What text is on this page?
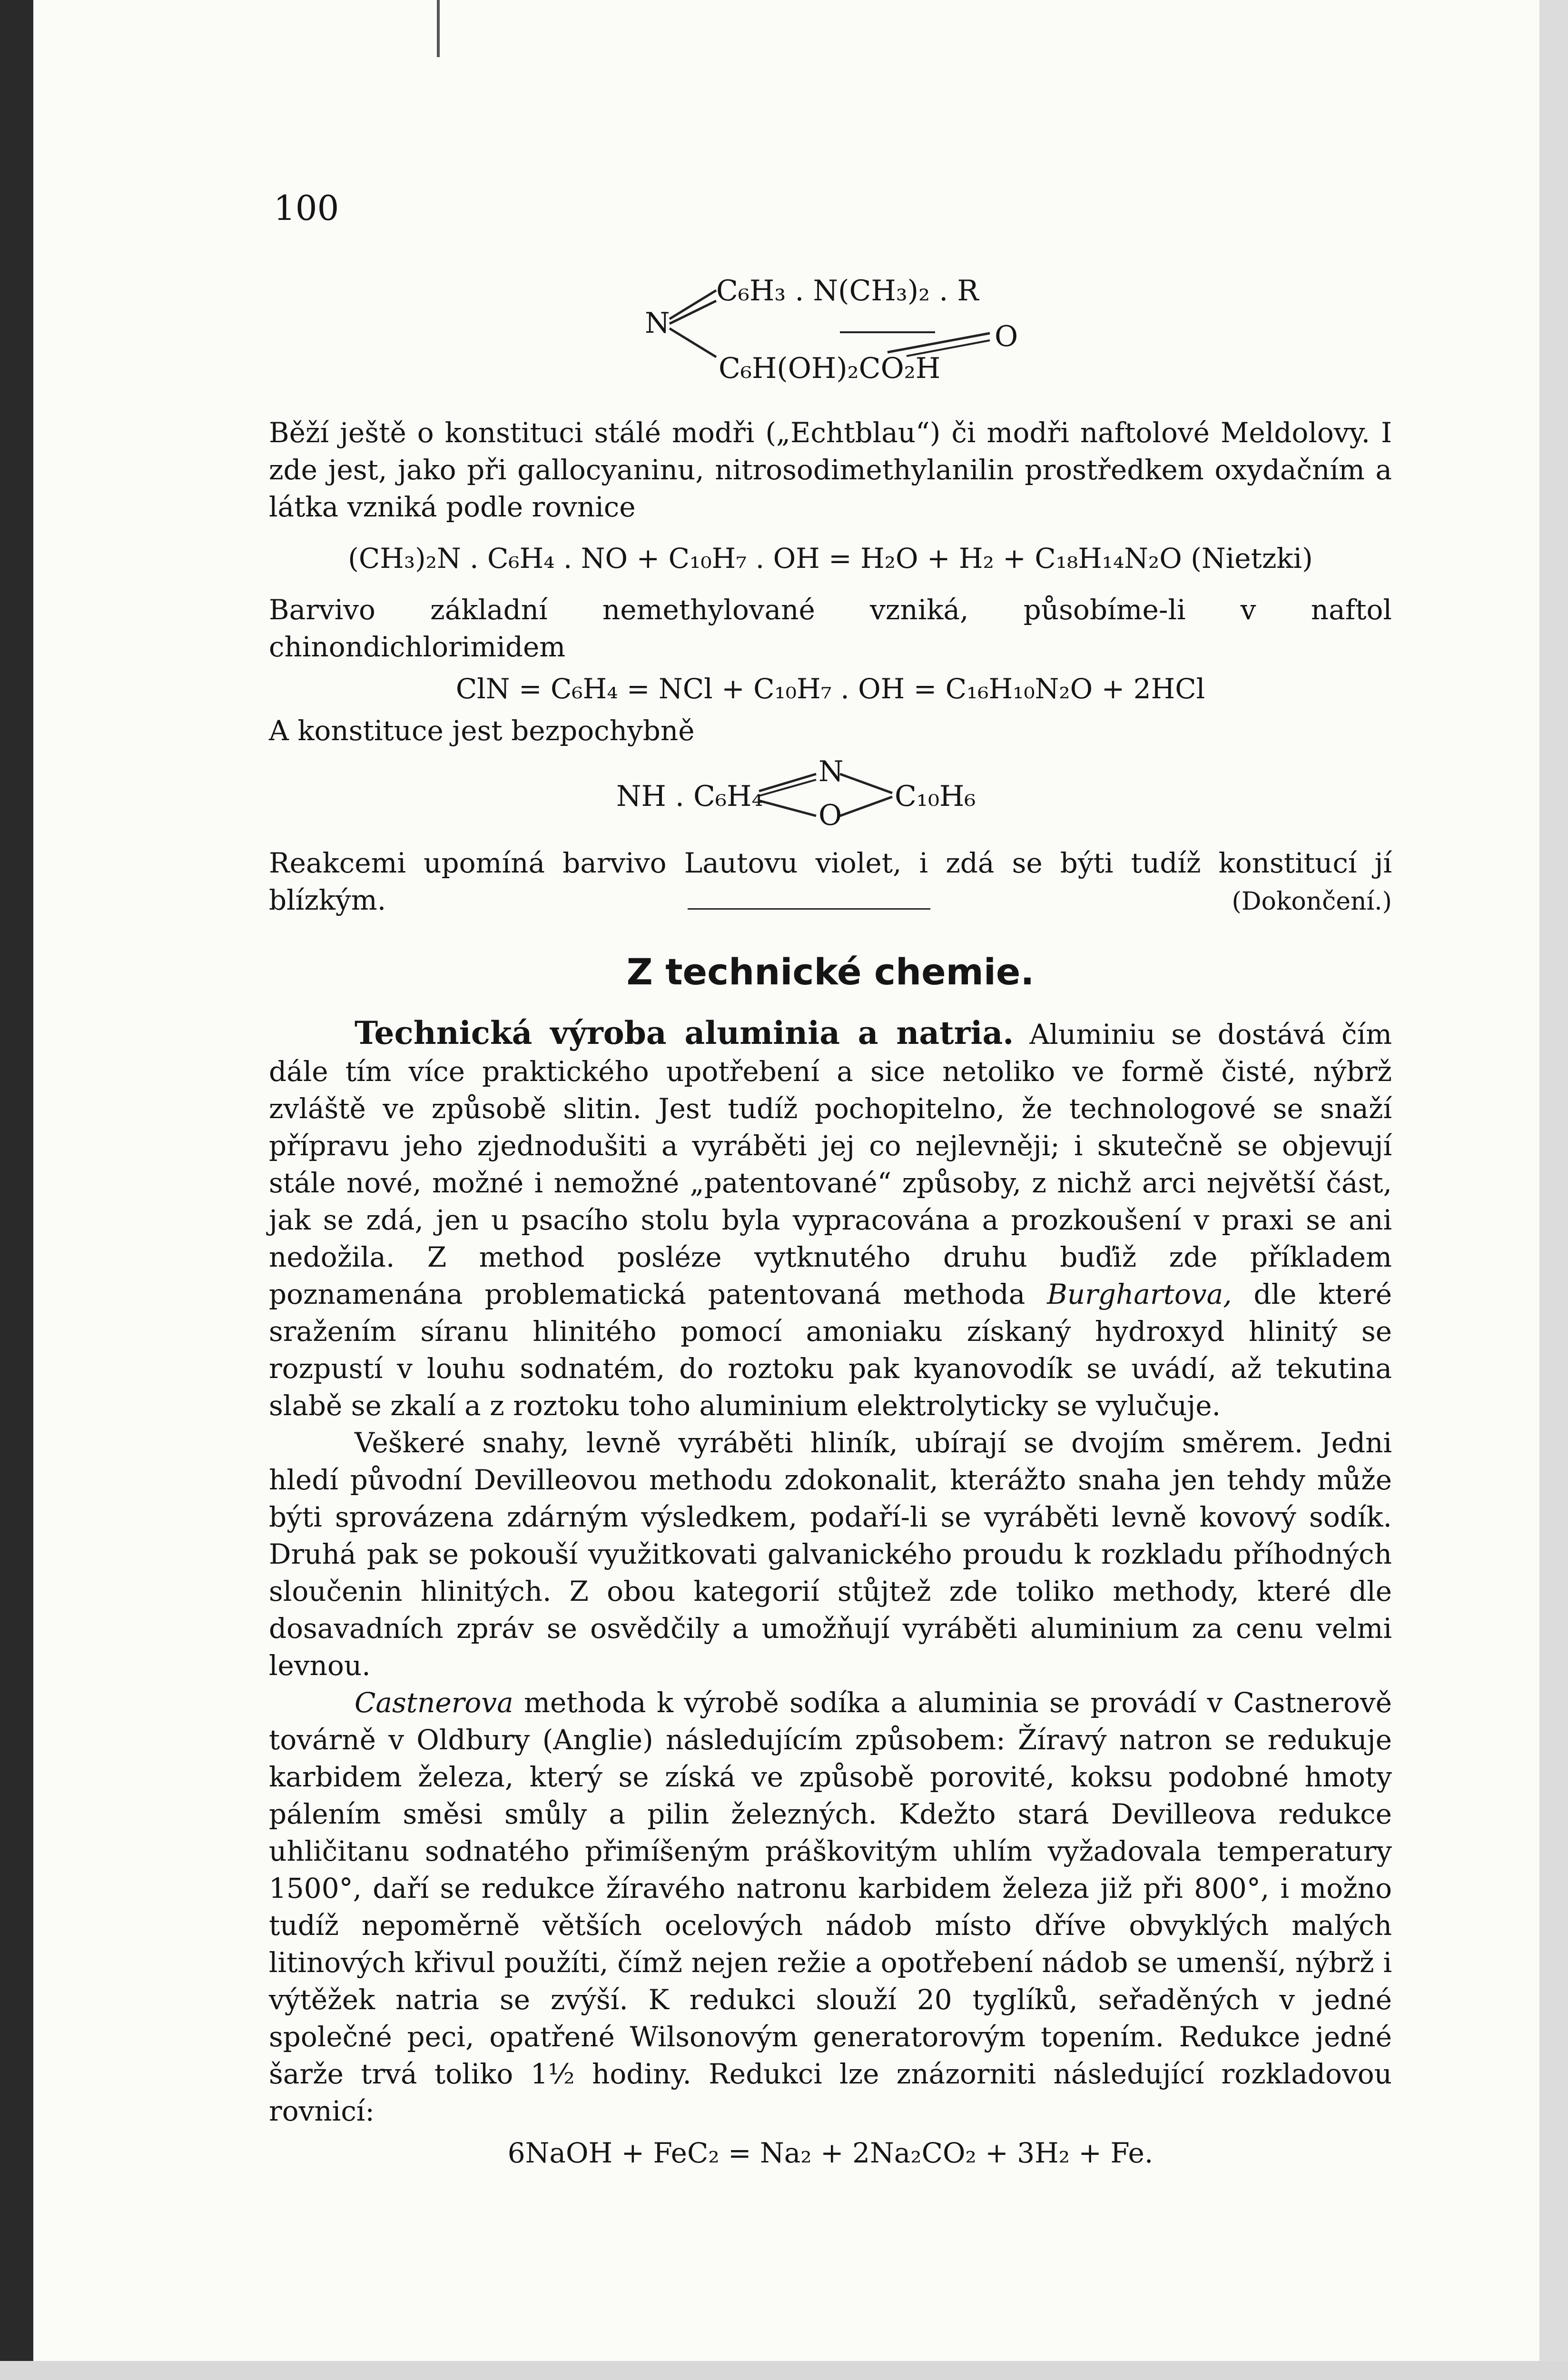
100
N
C₆H₃ . N(CH₃)₂ . R
O
C₆H(OH)₂CO₂H

Běží ještě o konstituci stálé modři („Echtblau“) či modři naftolové Meldolovy. I zde jest, jako při gallocyaninu, nitrosodimethylanilin prostředkem oxydačním a látka vzniká podle rovnice

(CH₃)₂N . C₆H₄ . NO + C₁₀H₇ . OH = H₂O + H₂ + C₁₈H₁₄N₂O (Nietzki)

Barvivo základní nemethylované vzniká, působíme-li v naftol chinondichlorimidem

ClN = C₆H₄ = NCl + C₁₀H₇ . OH = C₁₆H₁₀N₂O + 2HCl

A konstituce jest bezpochybně

NH . C₆H₄
N
O
C₁₀H₆

Reakcemi upomíná barvivo Lautovu violet, i zdá se býti tudíž konstitucí jí

blízkým.	(Dokončení.)
Z technické chemie.

Technická výroba aluminia a natria. Aluminiu se dostává čím dále tím více praktického upotřebení a sice netoliko ve formě čisté, nýbrž zvláště ve způsobě slitin. Jest tudíž pochopitelno, že technologové se snaží přípravu jeho zjednodušiti a vyráběti jej co nejlevněji; i skutečně se objevují stále nové, možné i nemožné „patentované“ způsoby, z nichž arci největší část, jak se zdá, jen u psacího stolu byla vypracována a prozkoušení v praxi se ani nedožila. Z method posléze vytknutého druhu buďiž zde příkladem poznamenána problematická patentovaná methoda Burghartova, dle které sražením síranu hlinitého pomocí amoniaku získaný hydroxyd hlinitý se rozpustí v louhu sodnatém, do roztoku pak kyanovodík se uvádí, až tekutina slabě se zkalí a z roztoku toho aluminium elektrolyticky se vylučuje.

Veškeré snahy, levně vyráběti hliník, ubírají se dvojím směrem. Jedni hledí původní Devilleovou methodu zdokonalit, kterážto snaha jen tehdy může býti sprovázena zdárným výsledkem, podaří-li se vyráběti levně kovový sodík. Druhá pak se pokouší využitkovati galvanického proudu k rozkladu příhodných sloučenin hlinitých. Z obou kategorií stůjtež zde toliko methody, které dle dosavadních zpráv se osvědčily a umožňují vyráběti aluminium za cenu velmi levnou.

Castnerova methoda k výrobě sodíka a aluminia se provádí v Castnerově továrně v Oldbury (Anglie) následujícím způsobem: Žíravý natron se redukuje karbidem železa, který se získá ve způsobě porovité, koksu podobné hmoty pálením směsi smůly a pilin železných. Kdežto stará Devilleova redukce uhličitanu sodnatého přimíšeným práškovitým uhlím vyžadovala temperatury 1500°, daří se redukce žíravého natronu karbidem železa již při 800°, i možno tudíž nepoměrně větších ocelových nádob místo dříve obvyklých malých litinových křivul použíti, čímž nejen režie a opotřebení nádob se umenší, nýbrž i výtěžek natria se zvýší. K redukci slouží 20 tyglíků, seřaděných v jedné společné peci, opatřené Wilsonovým generatorovým topením. Redukce jedné šarže trvá toliko 1½ hodiny. Redukci lze znázorniti následující rozkladovou rovnicí:

6NaOH + FeC₂ = Na₂ + 2Na₂CO₂ + 3H₂ + Fe.
